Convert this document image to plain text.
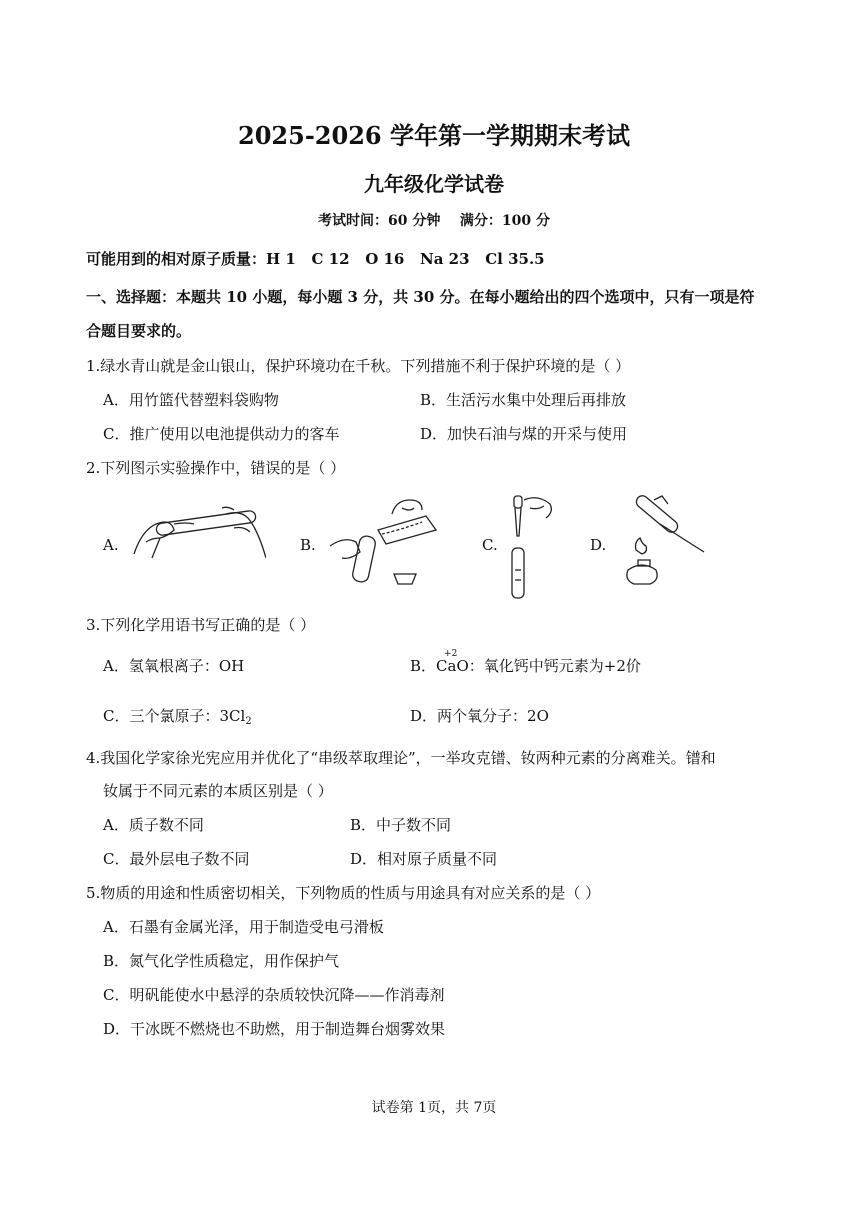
2025-2026 学年第一学期期末考试
九年级化学试卷
考试时间：60 分钟    满分：100 分
可能用到的相对原子质量：H 1   C 12   O 16   Na 23   Cl 35.5
一、选择题：本题共 10 小题，每小题 3 分，共 30 分。在每小题给出的四个选项中，只有一项是符
合题目要求的。
1.绿水青山就是金山银山，保护环境功在千秋。下列措施不利于保护环境的是（ ）
A．用竹篮代替塑料袋购物	B．生活污水集中处理后再排放
C．推广使用以电池提供动力的客车	D．加快石油与煤的开采与使用
2.下列图示实验操作中，错误的是（ ）
A.	B.	C.	D.
3.下列化学用语书写正确的是（ ）
A．氢氧根离子：OH	B．
+2
CaO：氧化钙中钙元素为+2价
C．三个氯原子：$3Cl_2$	D．两个氧分子：2O
4.我国化学家徐光宪应用并优化了“串级萃取理论”，一举攻克镨、钕两种元素的分离难关。镨和
钕属于不同元素的本质区别是（ ）
A．质子数不同	B．中子数不同
C．最外层电子数不同	D．相对原子质量不同
5.物质的用途和性质密切相关，下列物质的性质与用途具有对应关系的是（ ）
A．石墨有金属光泽，用于制造受电弓滑板
B．氮气化学性质稳定，用作保护气
C．明矾能使水中悬浮的杂质较快沉降——作消毒剂
D．干冰既不燃烧也不助燃，用于制造舞台烟雾效果
试卷第 1页，共 7页
